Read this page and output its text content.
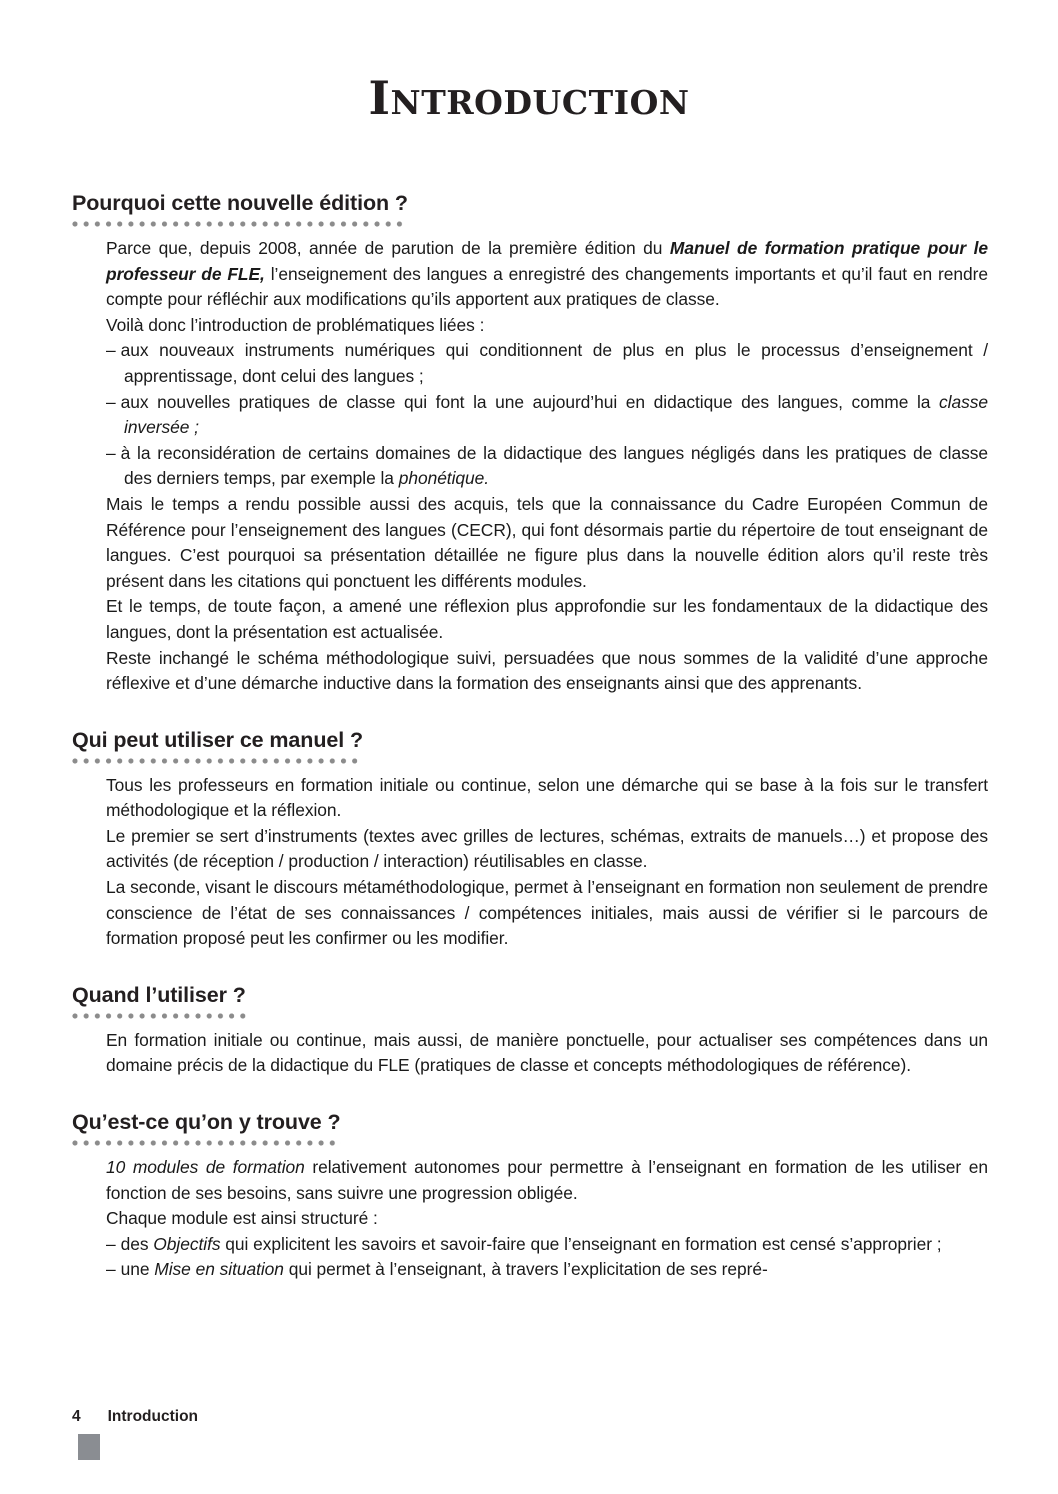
INTRODUCTION
Pourquoi cette nouvelle édition ?

Parce que, depuis 2008, année de parution de la première édition du Manuel de formation pratique pour le professeur de FLE, l’enseignement des langues a enregistré des changements importants et qu’il faut en rendre compte pour réfléchir aux modifications qu’ils apportent aux pratiques de classe.

Voilà donc l’introduction de problématiques liées :

– aux nouveaux instruments numériques qui conditionnent de plus en plus le processus d’enseignement / apprentissage, dont celui des langues ;

– aux nouvelles pratiques de classe qui font la une aujourd’hui en didactique des langues, comme la classe inversée ;

– à la reconsidération de certains domaines de la didactique des langues négligés dans les pratiques de classe des derniers temps, par exemple la phonétique.

Mais le temps a rendu possible aussi des acquis, tels que la connaissance du Cadre Européen Commun de Référence pour l’enseignement des langues (CECR), qui font désormais partie du répertoire de tout enseignant de langues. C’est pourquoi sa présentation détaillée ne figure plus dans la nouvelle édition alors qu’il reste très présent dans les citations qui ponctuent les différents modules.

Et le temps, de toute façon, a amené une réflexion plus approfondie sur les fondamentaux de la didactique des langues, dont la présentation est actualisée.

Reste inchangé le schéma méthodologique suivi, persuadées que nous sommes de la validité d’une approche réflexive et d’une démarche inductive dans la formation des enseignants ainsi que des apprenants.

Qui peut utiliser ce manuel ?

Tous les professeurs en formation initiale ou continue, selon une démarche qui se base à la fois sur le transfert méthodologique et la réflexion.

Le premier se sert d’instruments (textes avec grilles de lectures, schémas, extraits de manuels…) et propose des activités (de réception / production / interaction) réutilisables en classe.

La seconde, visant le discours métaméthodologique, permet à l’enseignant en formation non seulement de prendre conscience de l’état de ses connaissances / compétences initiales, mais aussi de vérifier si le parcours de formation proposé peut les confirmer ou les modifier.

Quand l’utiliser ?

En formation initiale ou continue, mais aussi, de manière ponctuelle, pour actualiser ses compétences dans un domaine précis de la didactique du FLE (pratiques de classe et concepts méthodologiques de référence).

Qu’est-ce qu’on y trouve ?

10 modules de formation relativement autonomes pour permettre à l’enseignant en formation de les utiliser en fonction de ses besoins, sans suivre une progression obligée.

Chaque module est ainsi structuré :

– des Objectifs qui explicitent les savoirs et savoir-faire que l’enseignant en formation est censé s’approprier ;

– une Mise en situation qui permet à l’enseignant, à travers l’explicitation de ses repré-

4 Introduction
